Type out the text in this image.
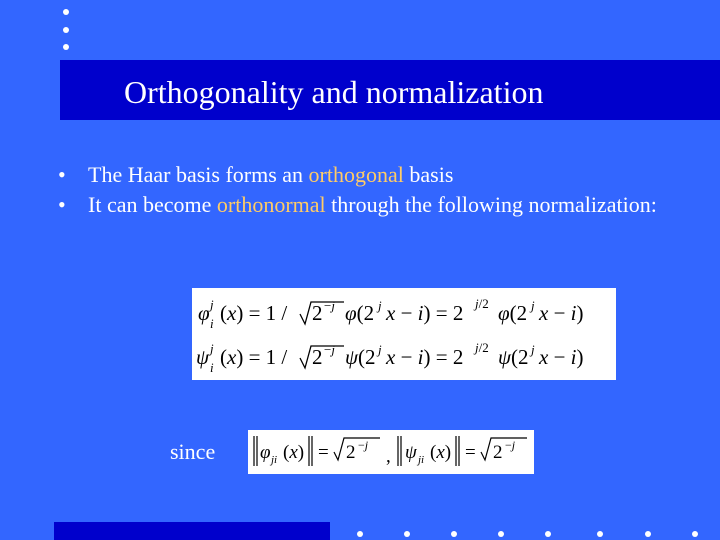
Orthogonality and normalization
• The Haar basis forms an orthogonal basis
• It can become orthonormal through the following normalization:
φ j
i (x) = 1 / 2 −j φ(2 j x − i) = 2 j/2 φ(2 j x − i)
ψ j
i (x) = 1 / 2 −j ψ(2 j x − i) = 2 j/2 ψ(2 j x − i)
since φ ji (x) = 2 −j
, ψ ji (x) = 2 −j
